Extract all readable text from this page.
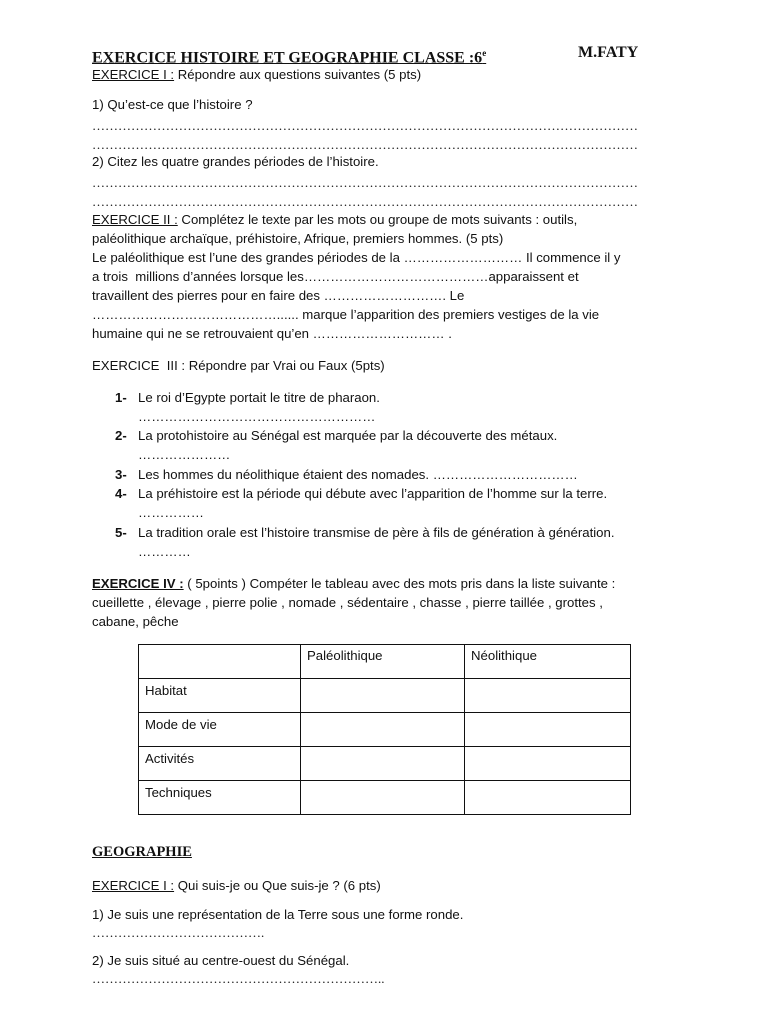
EXERCICE HISTOIRE ET GEOGRAPHIE CLASSE :6e	M.FATY
EXERCICE I : Répondre aux questions suivantes (5 pts)
1) Qu’est-ce que l’histoire ?
………………………………………………………………………………………………………………
………………………………………………………………………………………………………………
2) Citez les quatre grandes périodes de l’histoire.
………………………………………………………………………………………………………………
………………………………………………………………………………………………………………
EXERCICE II : Complétez le texte par les mots ou groupe de mots suivants : outils,
paléolithique archaïque, préhistoire, Afrique, premiers hommes. (5 pts)
Le paléolithique est l’une des grandes périodes de la ……………………… Il commence il y
a trois  millions d’années lorsque les……………………………………apparaissent et
travaillent des pierres pour en faire des ………………………. Le
……………………………………...... marque l’apparition des premiers vestiges de la vie
humaine qui ne se retrouvaient qu’en ………………………… .
EXERCICE  III : Répondre par Vrai ou Faux (5pts)
1- Le roi d’Egypte portait le titre de pharaon.
………………………………………………
2- La protohistoire au Sénégal est marquée par la découverte des métaux.
…………………
3- Les hommes du néolithique étaient des nomades. ……………………………
4- La préhistoire est la période qui débute avec l’apparition de l’homme sur la terre.
……………
5- La tradition orale est l’histoire transmise de père à fils de génération à génération.
…………
EXERCICE IV : ( 5points ) Compéter le tableau avec des mots pris dans la liste suivante :
cueillette , élevage , pierre polie , nomade , sédentaire , chasse , pierre taillée , grottes ,
cabane, pêche
	Paléolithique	Néolithique
Habitat		
Mode de vie		
Activités		
Techniques		
GEOGRAPHIE
EXERCICE I : Qui suis-je ou Que suis-je ? (6 pts)
1) Je suis une représentation de la Terre sous une forme ronde.
………………………………….
2) Je suis situé au centre-ouest du Sénégal.
…………………………………………………………..
